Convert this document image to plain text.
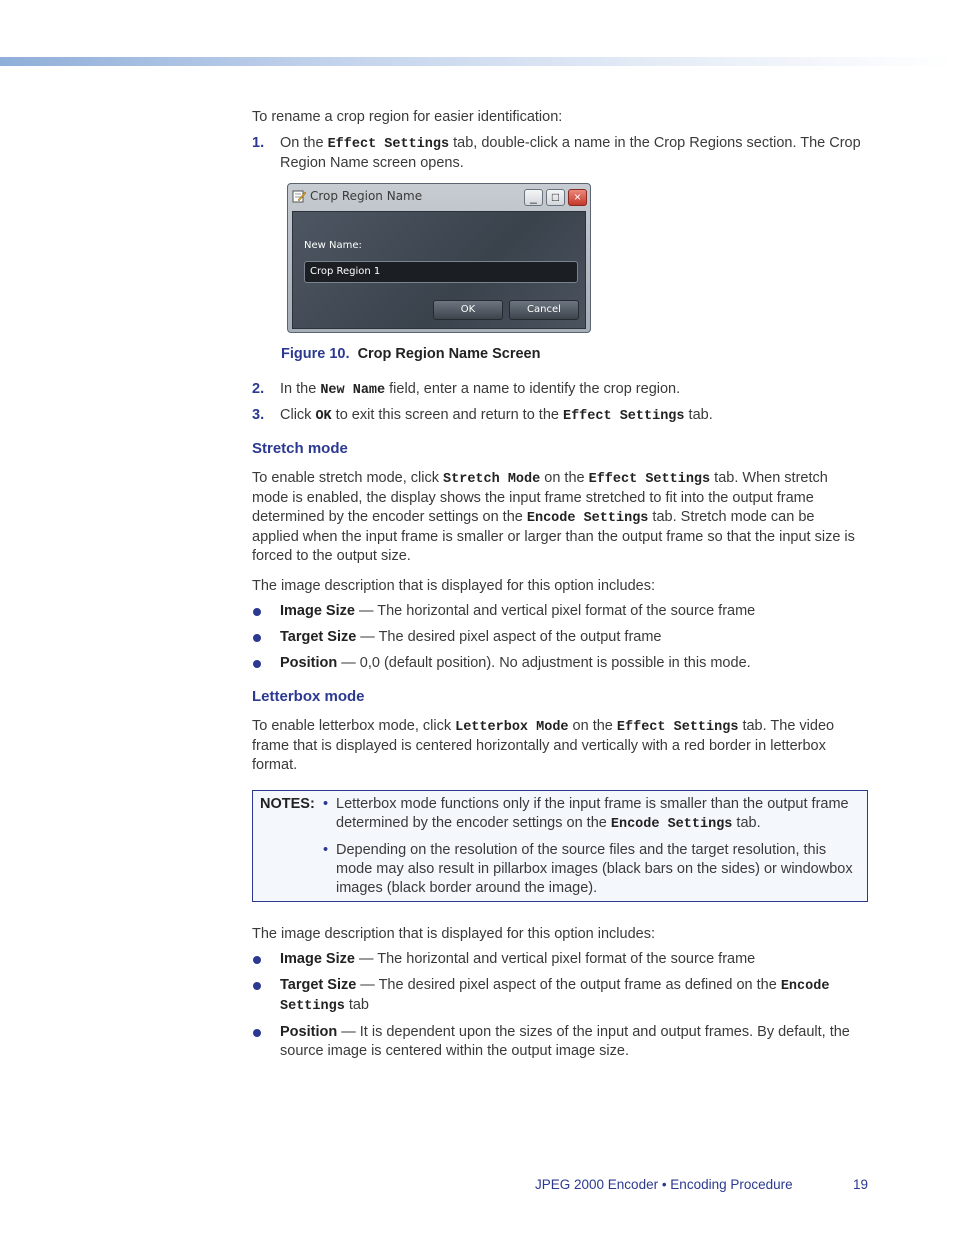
To rename a crop region for easier identification:

1. On the Effect Settings tab, double-click a name in the Crop Regions section. The Crop Region Name screen opens.
Crop Region Name	_	□	×
New Name:
Crop Region 1
OK	Cancel

Figure 10. Crop Region Name Screen

2. In the New Name field, enter a name to identify the crop region.
3. Click OK to exit this screen and return to the Effect Settings tab.

Stretch mode

To enable stretch mode, click Stretch Mode on the Effect Settings tab. When stretch mode is enabled, the display shows the input frame stretched to fit into the output frame determined by the encoder settings on the Encode Settings tab. Stretch mode can be applied when the input frame is smaller or larger than the output frame so that the input size is forced to the output size.

The image description that is displayed for this option includes:

Image Size — The horizontal and vertical pixel format of the source frame
Target Size — The desired pixel aspect of the output frame
Position — 0,0 (default position). No adjustment is possible in this mode.

Letterbox mode

To enable letterbox mode, click Letterbox Mode on the Effect Settings tab. The video frame that is displayed is centered horizontally and vertically with a red border in letterbox format.

NOTES: • Letterbox mode functions only if the input frame is smaller than the output frame determined by the encoder settings on the Encode Settings tab.
• Depending on the resolution of the source files and the target resolution, this mode may also result in pillarbox images (black bars on the sides) or windowbox images (black border around the image).

The image description that is displayed for this option includes:

Image Size — The horizontal and vertical pixel format of the source frame
Target Size — The desired pixel aspect of the output frame as defined on the Encode Settings tab
Position — It is dependent upon the sizes of the input and output frames. By default, the source image is centered within the output image size.
JPEG 2000 Encoder • Encoding Procedure	19
